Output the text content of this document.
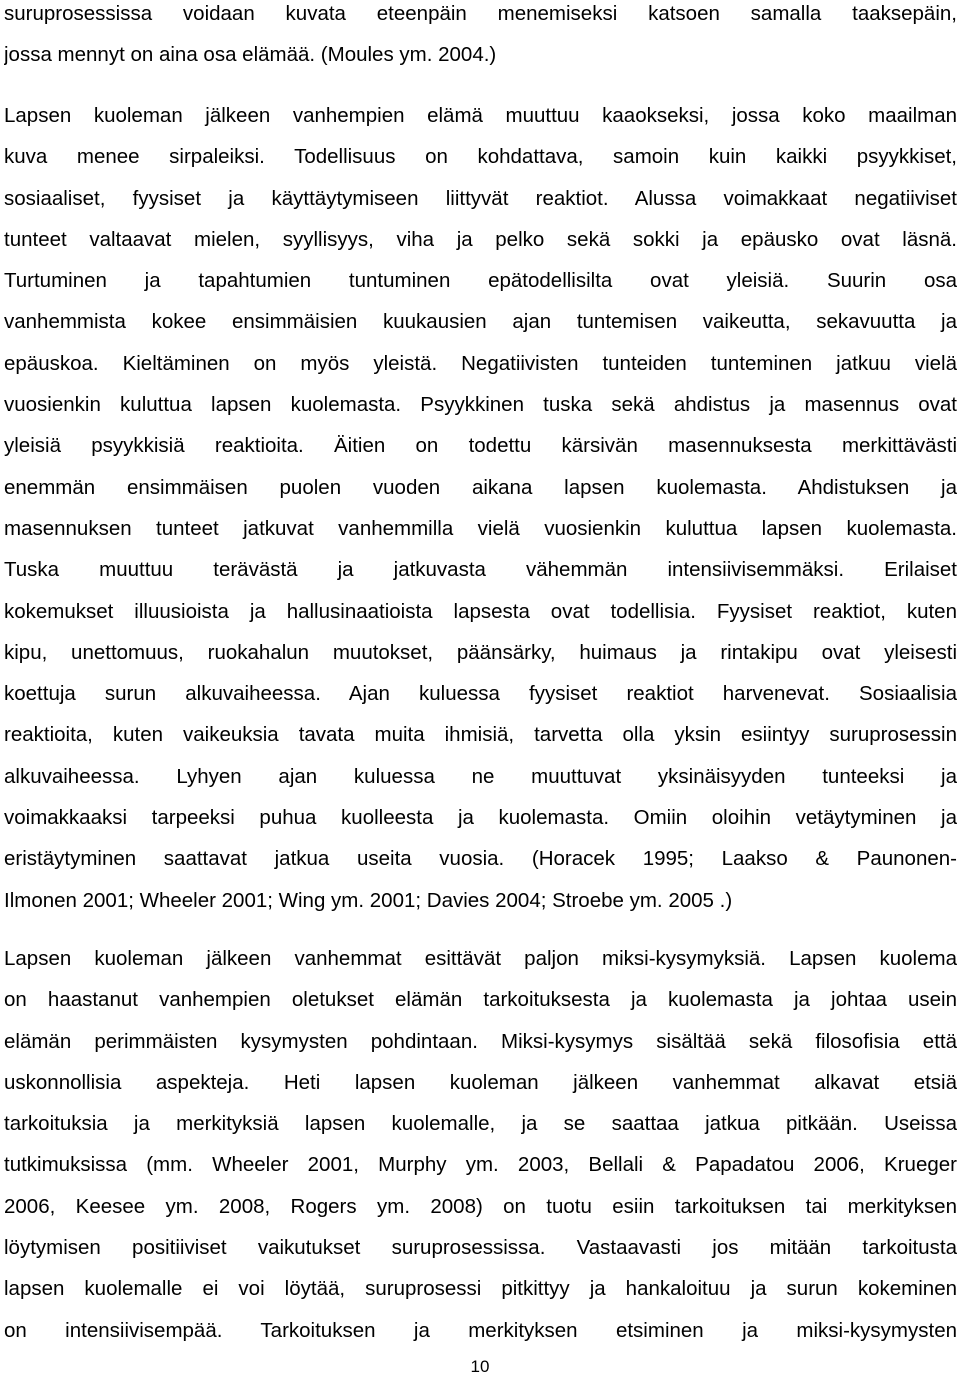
suruprosessissa voidaan kuvata eteenpäin menemiseksi katsoen samalla taaksepäin,
jossa mennyt on aina osa elämää. (Moules ym. 2004.)
Lapsen kuoleman jälkeen vanhempien elämä muuttuu kaaokseksi, jossa koko maailman
kuva menee sirpaleiksi. Todellisuus on kohdattava, samoin kuin kaikki psyykkiset,
sosiaaliset, fyysiset ja käyttäytymiseen liittyvät reaktiot. Alussa voimakkaat negatiiviset
tunteet valtaavat mielen, syyllisyys, viha ja pelko sekä sokki ja epäusko ovat läsnä.
Turtuminen ja tapahtumien tuntuminen epätodellisilta ovat yleisiä. Suurin osa
vanhemmista kokee ensimmäisien kuukausien ajan tuntemisen vaikeutta, sekavuutta ja
epäuskoa. Kieltäminen on myös yleistä. Negatiivisten tunteiden tunteminen jatkuu vielä
vuosienkin kuluttua lapsen kuolemasta. Psyykkinen tuska sekä ahdistus ja masennus ovat
yleisiä psyykkisiä reaktioita. Äitien on todettu kärsivän masennuksesta merkittävästi
enemmän ensimmäisen puolen vuoden aikana lapsen kuolemasta. Ahdistuksen ja
masennuksen tunteet jatkuvat vanhemmilla vielä vuosienkin kuluttua lapsen kuolemasta.
Tuska muuttuu terävästä ja jatkuvasta vähemmän intensiivisemmäksi. Erilaiset
kokemukset illuusioista ja hallusinaatioista lapsesta ovat todellisia. Fyysiset reaktiot, kuten
kipu, unettomuus, ruokahalun muutokset, päänsärky, huimaus ja rintakipu ovat yleisesti
koettuja surun alkuvaiheessa. Ajan kuluessa fyysiset reaktiot harvenevat. Sosiaalisia
reaktioita, kuten vaikeuksia tavata muita ihmisiä, tarvetta olla yksin esiintyy suruprosessin
alkuvaiheessa. Lyhyen ajan kuluessa ne muuttuvat yksinäisyyden tunteeksi ja
voimakkaaksi tarpeeksi puhua kuolleesta ja kuolemasta. Omiin oloihin vetäytyminen ja
eristäytyminen saattavat jatkua useita vuosia. (Horacek 1995; Laakso & Paunonen-
Ilmonen 2001; Wheeler 2001; Wing ym. 2001; Davies 2004; Stroebe ym. 2005 .)
Lapsen kuoleman jälkeen vanhemmat esittävät paljon miksi-kysymyksiä. Lapsen kuolema
on haastanut vanhempien oletukset elämän tarkoituksesta ja kuolemasta ja johtaa usein
elämän perimmäisten kysymysten pohdintaan. Miksi-kysymys sisältää sekä filosofisia että
uskonnollisia aspekteja. Heti lapsen kuoleman jälkeen vanhemmat alkavat etsiä
tarkoituksia ja merkityksiä lapsen kuolemalle, ja se saattaa jatkua pitkään. Useissa
tutkimuksissa (mm. Wheeler 2001, Murphy ym. 2003, Bellali & Papadatou 2006, Krueger
2006, Keesee ym. 2008, Rogers ym. 2008) on tuotu esiin tarkoituksen tai merkityksen
löytymisen positiiviset vaikutukset suruprosessissa. Vastaavasti jos mitään tarkoitusta
lapsen kuolemalle ei voi löytää, suruprosessi pitkittyy ja hankaloituu ja surun kokeminen
on intensiivisempää. Tarkoituksen ja merkityksen etsiminen ja miksi-kysymysten
10
